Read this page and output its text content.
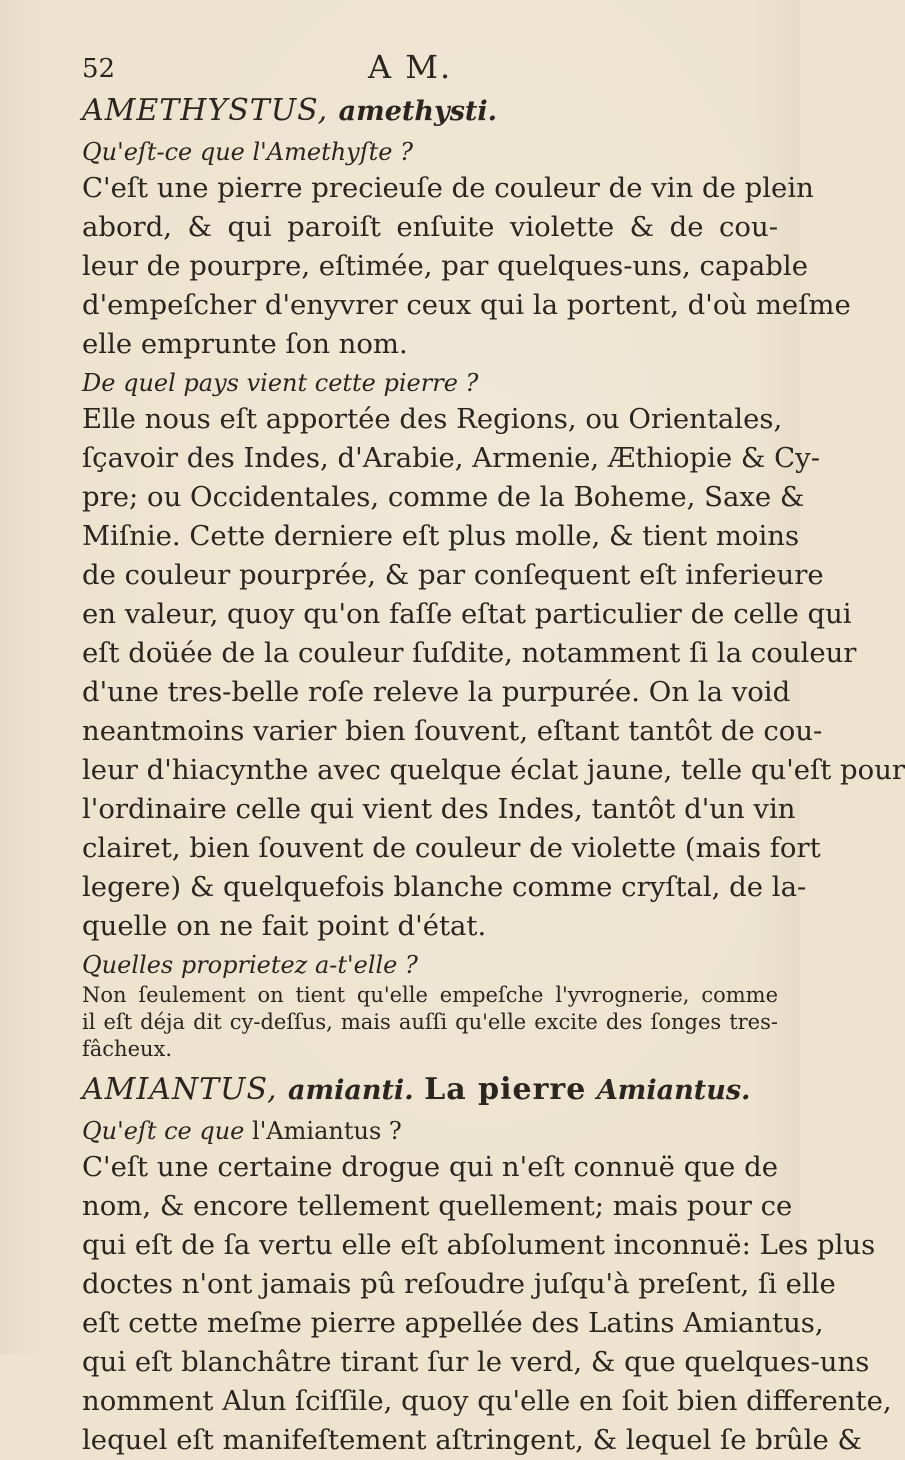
52	A M.
AMETHYSTUS, amethysti.
Qu'eſt-ce que l'Amethyſte ?

C'eſt une pierre precieuſe de couleur de vin de plein

abord, & qui paroiſt enſuite violette & de cou-

leur de pourpre, eſtimée, par quelques-uns, capable

d'empeſcher d'enyvrer ceux qui la portent, d'où meſme

elle emprunte ſon nom.

De quel pays vient cette pierre ?

Elle nous eſt apportée des Regions, ou Orientales,

ſçavoir des Indes, d'Arabie, Armenie, Æthiopie & Cy-

pre; ou Occidentales, comme de la Boheme, Saxe &

Miſnie. Cette derniere eſt plus molle, & tient moins

de couleur pourprée, & par conſequent eſt inferieure

en valeur, quoy qu'on faſſe eſtat particulier de celle qui

eſt doüée de la couleur ſuſdite, notamment ſi la couleur

d'une tres-belle roſe releve la purpurée. On la void

neantmoins varier bien ſouvent, eſtant tantôt de cou-

leur d'hiacynthe avec quelque éclat jaune, telle qu'eſt pour

l'ordinaire celle qui vient des Indes, tantôt d'un vin

clairet, bien ſouvent de couleur de violette (mais fort

legere) & quelquefois blanche comme cryſtal, de la-

quelle on ne fait point d'état.

Quelles proprietez a-t'elle ?

Non ſeulement on tient qu'elle empeſche l'yvrognerie, comme

il eſt déja dit cy-deſſus, mais auſſi qu'elle excite des ſonges tres-

fâcheux.

AMIANTUS, amianti. La pierre Amiantus.
Qu'eſt ce que l'Amiantus ?

C'eſt une certaine drogue qui n'eſt connuë que de

nom, & encore tellement quellement; mais pour ce

qui eſt de ſa vertu elle eſt abſolument inconnuë: Les plus

doctes n'ont jamais pû reſoudre juſqu'à preſent, ſi elle

eſt cette meſme pierre appellée des Latins Amiantus,

qui eſt blanchâtre tirant ſur le verd, & que quelques-uns

nomment Alun ſciſſile, quoy qu'elle en ſoit bien differente,

lequel eſt manifeſtement aſtringent, & lequel ſe brûle &
